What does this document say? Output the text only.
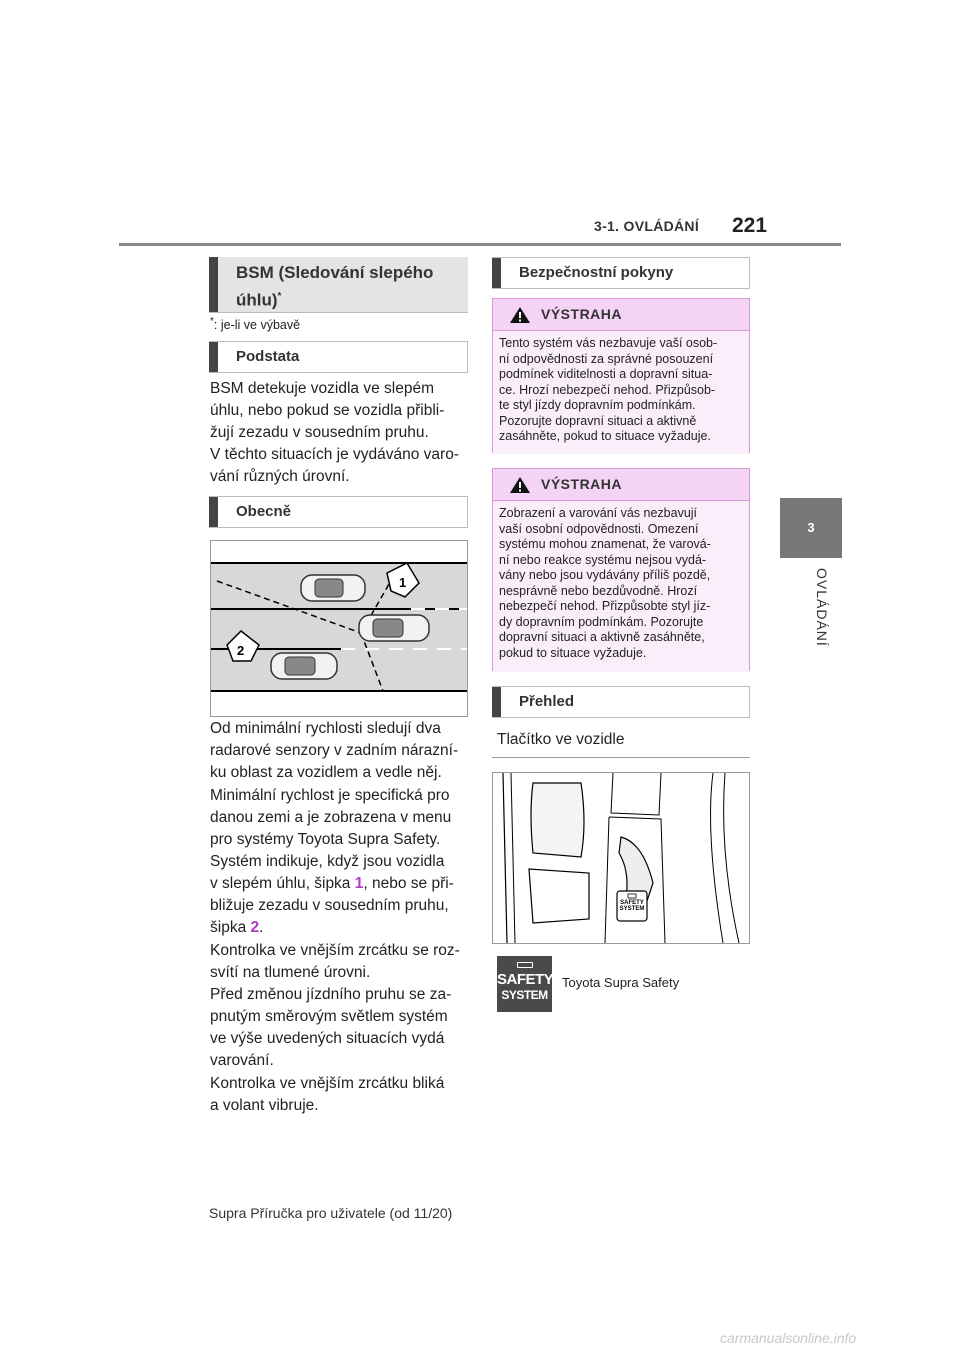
3-1. OVLÁDÁNÍ 221
3
OVLÁDÁNÍ
BSM (Sledování slepého úhlu)*
*: je-li ve výbavě
Podstata
BSM detekuje vozidla ve slepém
úhlu, nebo pokud se vozidla přibli-
žují zezadu v sousedním pruhu.
V těchto situacích je vydáváno varo-
vání různých úrovní.
Obecně
1
2
Od minimální rychlosti sledují dva
radarové senzory v zadním nárazní-
ku oblast za vozidlem a vedle něj.
Minimální rychlost je specifická pro
danou zemi a je zobrazena v menu
pro systémy Toyota Supra Safety.
Systém indikuje, když jsou vozidla
v slepém úhlu, šipka 1, nebo se při-
bližuje zezadu v sousedním pruhu,
šipka 2.
Kontrolka ve vnějším zrcátku se roz-
svítí na tlumené úrovni.
Před změnou jízdního pruhu se za-
pnutým směrovým světlem systém
ve výše uvedených situacích vydá
varování.
Kontrolka ve vnějším zrcátku bliká
a volant vibruje.
Bezpečnostní pokyny
VÝSTRAHA
Tento systém vás nezbavuje vaší osob-
ní odpovědnosti za správné posouzení
podmínek viditelnosti a dopravní situa-
ce. Hrozí nebezpečí nehod. Přizpůsob-
te styl jízdy dopravním podmínkám.
Pozorujte dopravní situaci a aktivně
zasáhněte, pokud to situace vyžaduje.
VÝSTRAHA
Zobrazení a varování vás nezbavují
vaší osobní odpovědnosti. Omezení
systému mohou znamenat, že varová-
ní nebo reakce systému nejsou vydá-
vány nebo jsou vydávány příliš pozdě,
nesprávně nebo bezdůvodně. Hrozí
nebezpečí nehod. Přizpůsobte styl jíz-
dy dopravním podmínkám. Pozorujte
dopravní situaci a aktivně zasáhněte,
pokud to situace vyžaduje.
Přehled
Tlačítko ve vozidle
SAFETY
SYSTEM
SAFETY
SYSTEM
Toyota Supra Safety
Supra Příručka pro uživatele (od 11/20)
carmanualsonline.info
